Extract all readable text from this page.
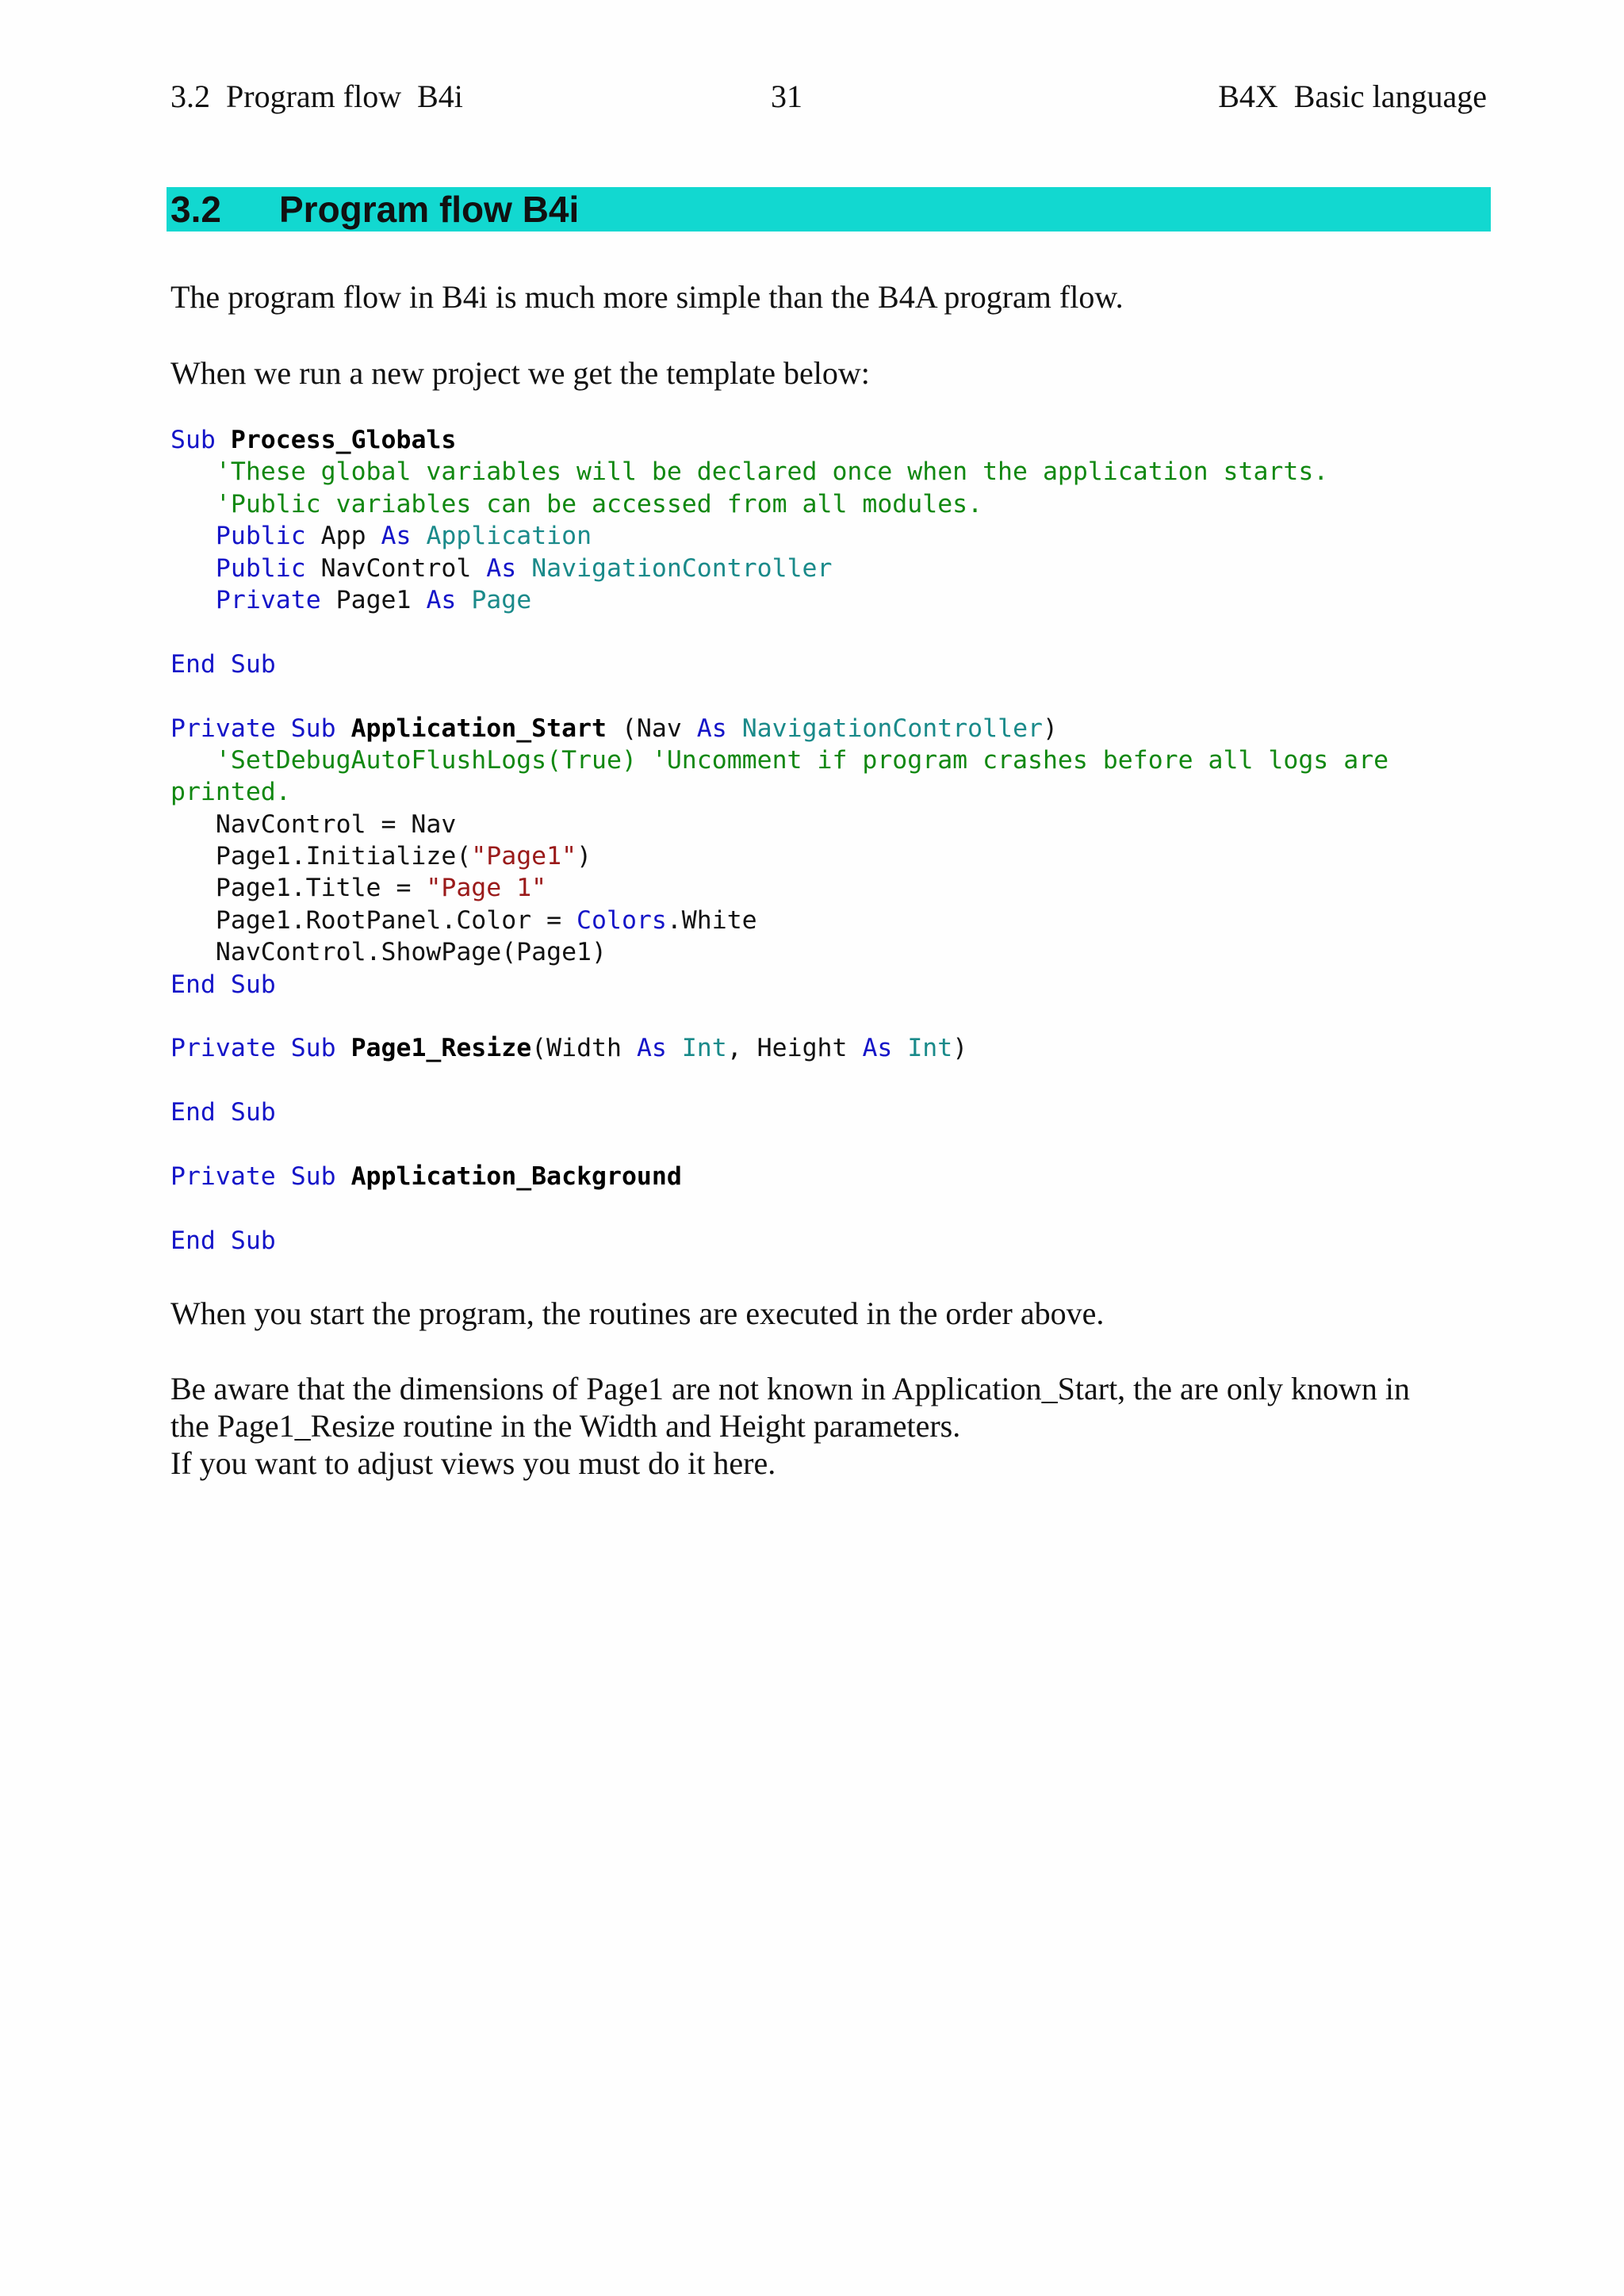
3.2  Program flow  B4i	31	B4X  Basic language
3.2 Program flow B4i
The program flow in B4i is much more simple than the B4A program flow.
When we run a new project we get the template below:
Sub Process_Globals
'These global variables will be declared once when the application starts.
'Public variables can be accessed from all modules.
Public App As Application
Public NavControl As NavigationController
Private Page1 As Page
End Sub
Private Sub Application_Start (Nav As NavigationController)
'SetDebugAutoFlushLogs(True) 'Uncomment if program crashes before all logs are
printed.
NavControl = Nav
Page1.Initialize("Page1")
Page1.Title = "Page 1"
Page1.RootPanel.Color = Colors.White
NavControl.ShowPage(Page1)
End Sub
Private Sub Page1_Resize(Width As Int, Height As Int)
End Sub
Private Sub Application_Background
End Sub
When you start the program, the routines are executed in the order above.
Be aware that the dimensions of Page1 are not known in Application_Start, the are only known in
the Page1_Resize routine in the Width and Height parameters.
If you want to adjust views you must do it here.
